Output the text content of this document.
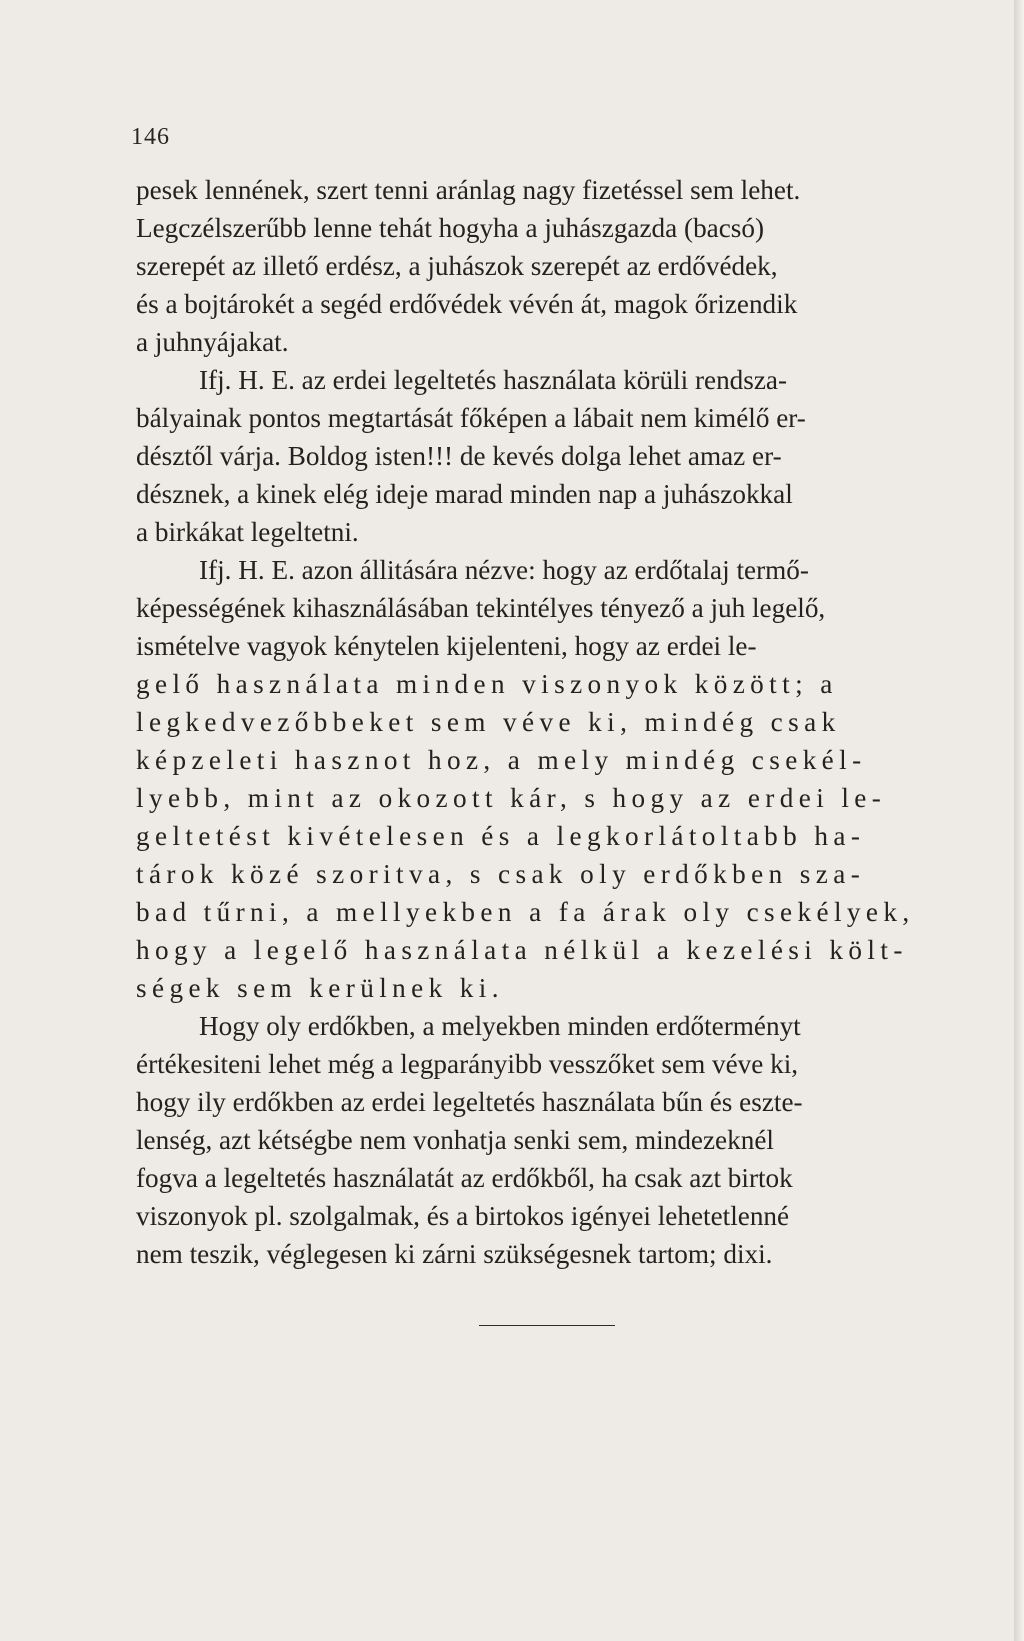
146
pesek lennének, szert tenni aránlag nagy fizetéssel sem lehet.
Legczélszerűbb lenne tehát hogyha a juhászgazda (bacsó)
szerepét az illető erdész, a juhászok szerepét az erdővédek,
és a bojtárokét a segéd erdővédek vévén át, magok őrizendik
a juhnyájakat.
Ifj. H. E. az erdei legeltetés használata körüli rendsza-
bályainak pontos megtartását főképen a lábait nem kimélő er-
désztől várja. Boldog isten!!! de kevés dolga lehet amaz er-
désznek, a kinek elég ideje marad minden nap a juhászokkal
a birkákat legeltetni.
Ifj. H. E. azon állitására nézve: hogy az erdőtalaj termő-
képességének kihasználásában tekintélyes tényező a juh legelő,
ismételve vagyok kénytelen kijelenteni, hogy az erdei le-
gelő használata minden viszonyok között; a
legkedvezőbbeket sem véve ki, mindég csak
képzeleti hasznot hoz, a mely mindég csekél-
lyebb, mint az okozott kár, s hogy az erdei le-
geltetést kivételesen és a legkorlátoltabb ha-
tárok közé szoritva, s csak oly erdőkben sza-
bad tűrni, a mellyekben a fa árak oly csekélyek,
hogy a legelő használata nélkül a kezelési költ-
ségek sem kerülnek ki.
Hogy oly erdőkben, a melyekben minden erdőterményt
értékesiteni lehet még a legparányibb vesszőket sem véve ki,
hogy ily erdőkben az erdei legeltetés használata bűn és eszte-
lenség, azt kétségbe nem vonhatja senki sem, mindezeknél
fogva a legeltetés használatát az erdőkből, ha csak azt birtok
viszonyok pl. szolgalmak, és a birtokos igényei lehetetlenné
nem teszik, véglegesen ki zárni szükségesnek tartom; dixi.
